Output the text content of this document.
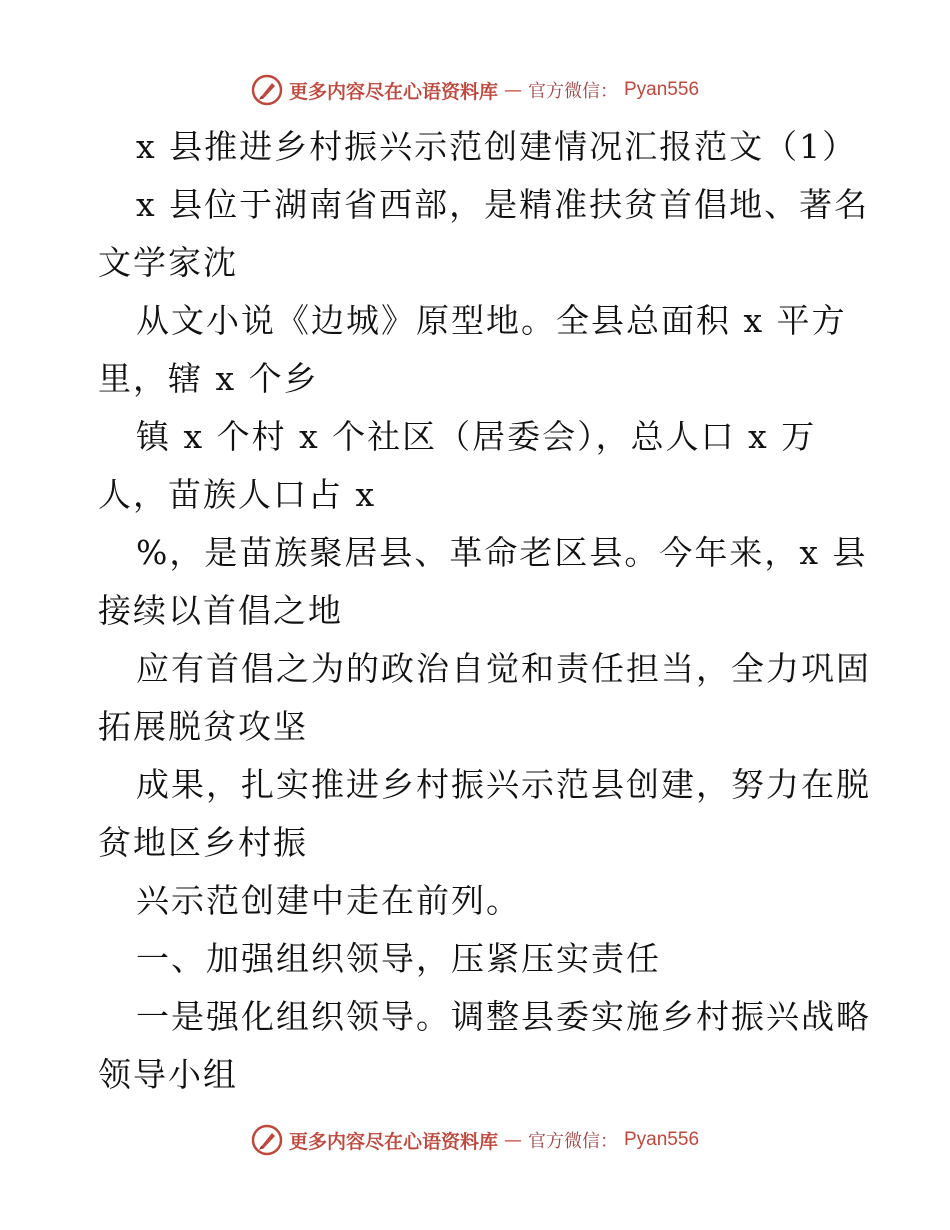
更多内容尽在心语资料库 — 官方微信： Pyan556
x 县推进乡村振兴示范创建情况汇报范文（1）
x 县位于湖南省西部，是精准扶贫首倡地、著名
文学家沈
从文小说《边城》原型地。全县总面积 x 平方
里，辖 x 个乡
镇 x 个村 x 个社区（居委会），总人口 x 万
人，苗族人口占 x
%，是苗族聚居县、革命老区县。今年来，x 县
接续以首倡之地
应有首倡之为的政治自觉和责任担当，全力巩固
拓展脱贫攻坚
成果，扎实推进乡村振兴示范县创建，努力在脱
贫地区乡村振
兴示范创建中走在前列。
一、加强组织领导，压紧压实责任
一是强化组织领导。调整县委实施乡村振兴战略
领导小组
更多内容尽在心语资料库 — 官方微信： Pyan556
